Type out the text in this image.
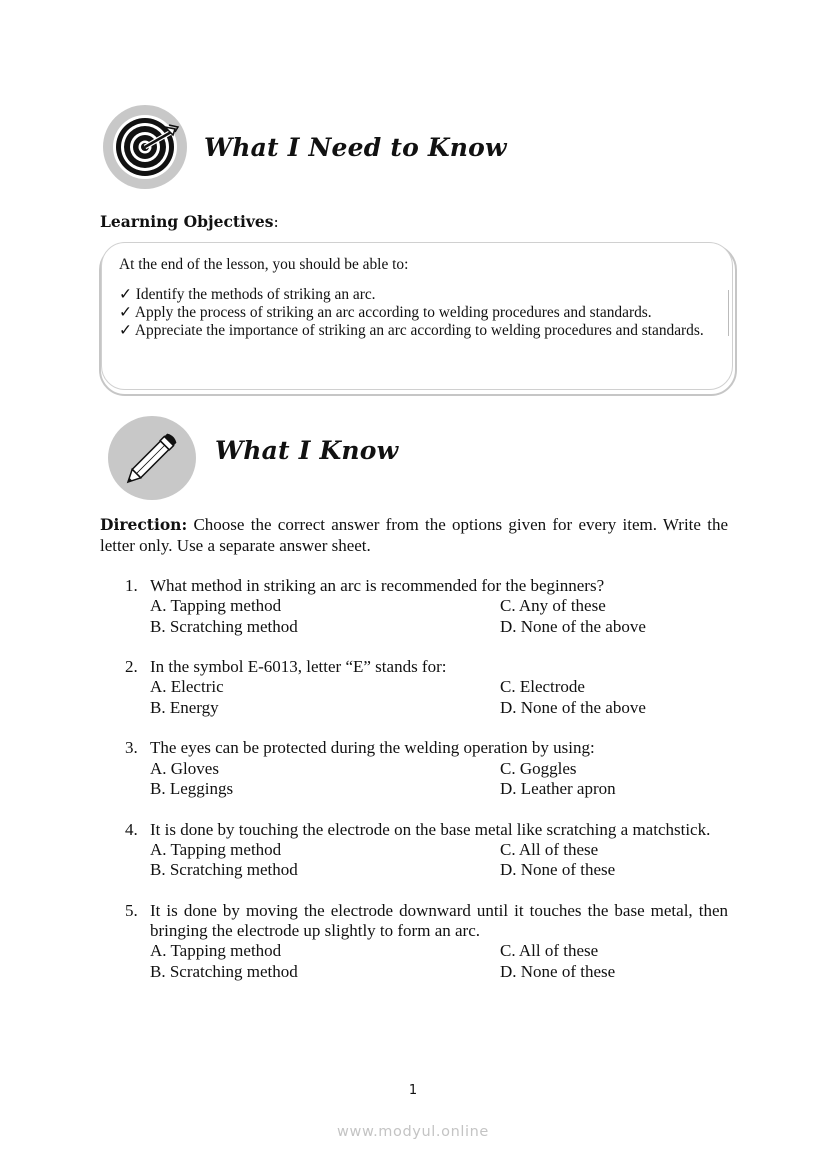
What I Need to Know
Learning Objectives:
At the end of the lesson, you should be able to:
✓ Identify the methods of striking an arc.
✓ Apply the process of striking an arc according to welding procedures and standards.
✓ Appreciate the importance of striking an arc according to welding procedures and standards.
What I Know
Direction: Choose the correct answer from the options given for every item. Write the letter only. Use a separate answer sheet.
1. What method in striking an arc is recommended for the beginners?
A. Tapping method	C. Any of these
B. Scratching method	D. None of the above
2. In the symbol E-6013, letter “E” stands for:
A. Electric	C. Electrode
B. Energy	D. None of the above
3. The eyes can be protected during the welding operation by using:
A. Gloves	C. Goggles
B. Leggings	D. Leather apron
4. It is done by touching the electrode on the base metal like scratching a matchstick.
A. Tapping method	C. All of these
B. Scratching method	D. None of these
5. It is done by moving the electrode downward until it touches the base metal, then bringing the electrode up slightly to form an arc.
A. Tapping method	C. All of these
B. Scratching method	D. None of these
1
www.modyul.online
